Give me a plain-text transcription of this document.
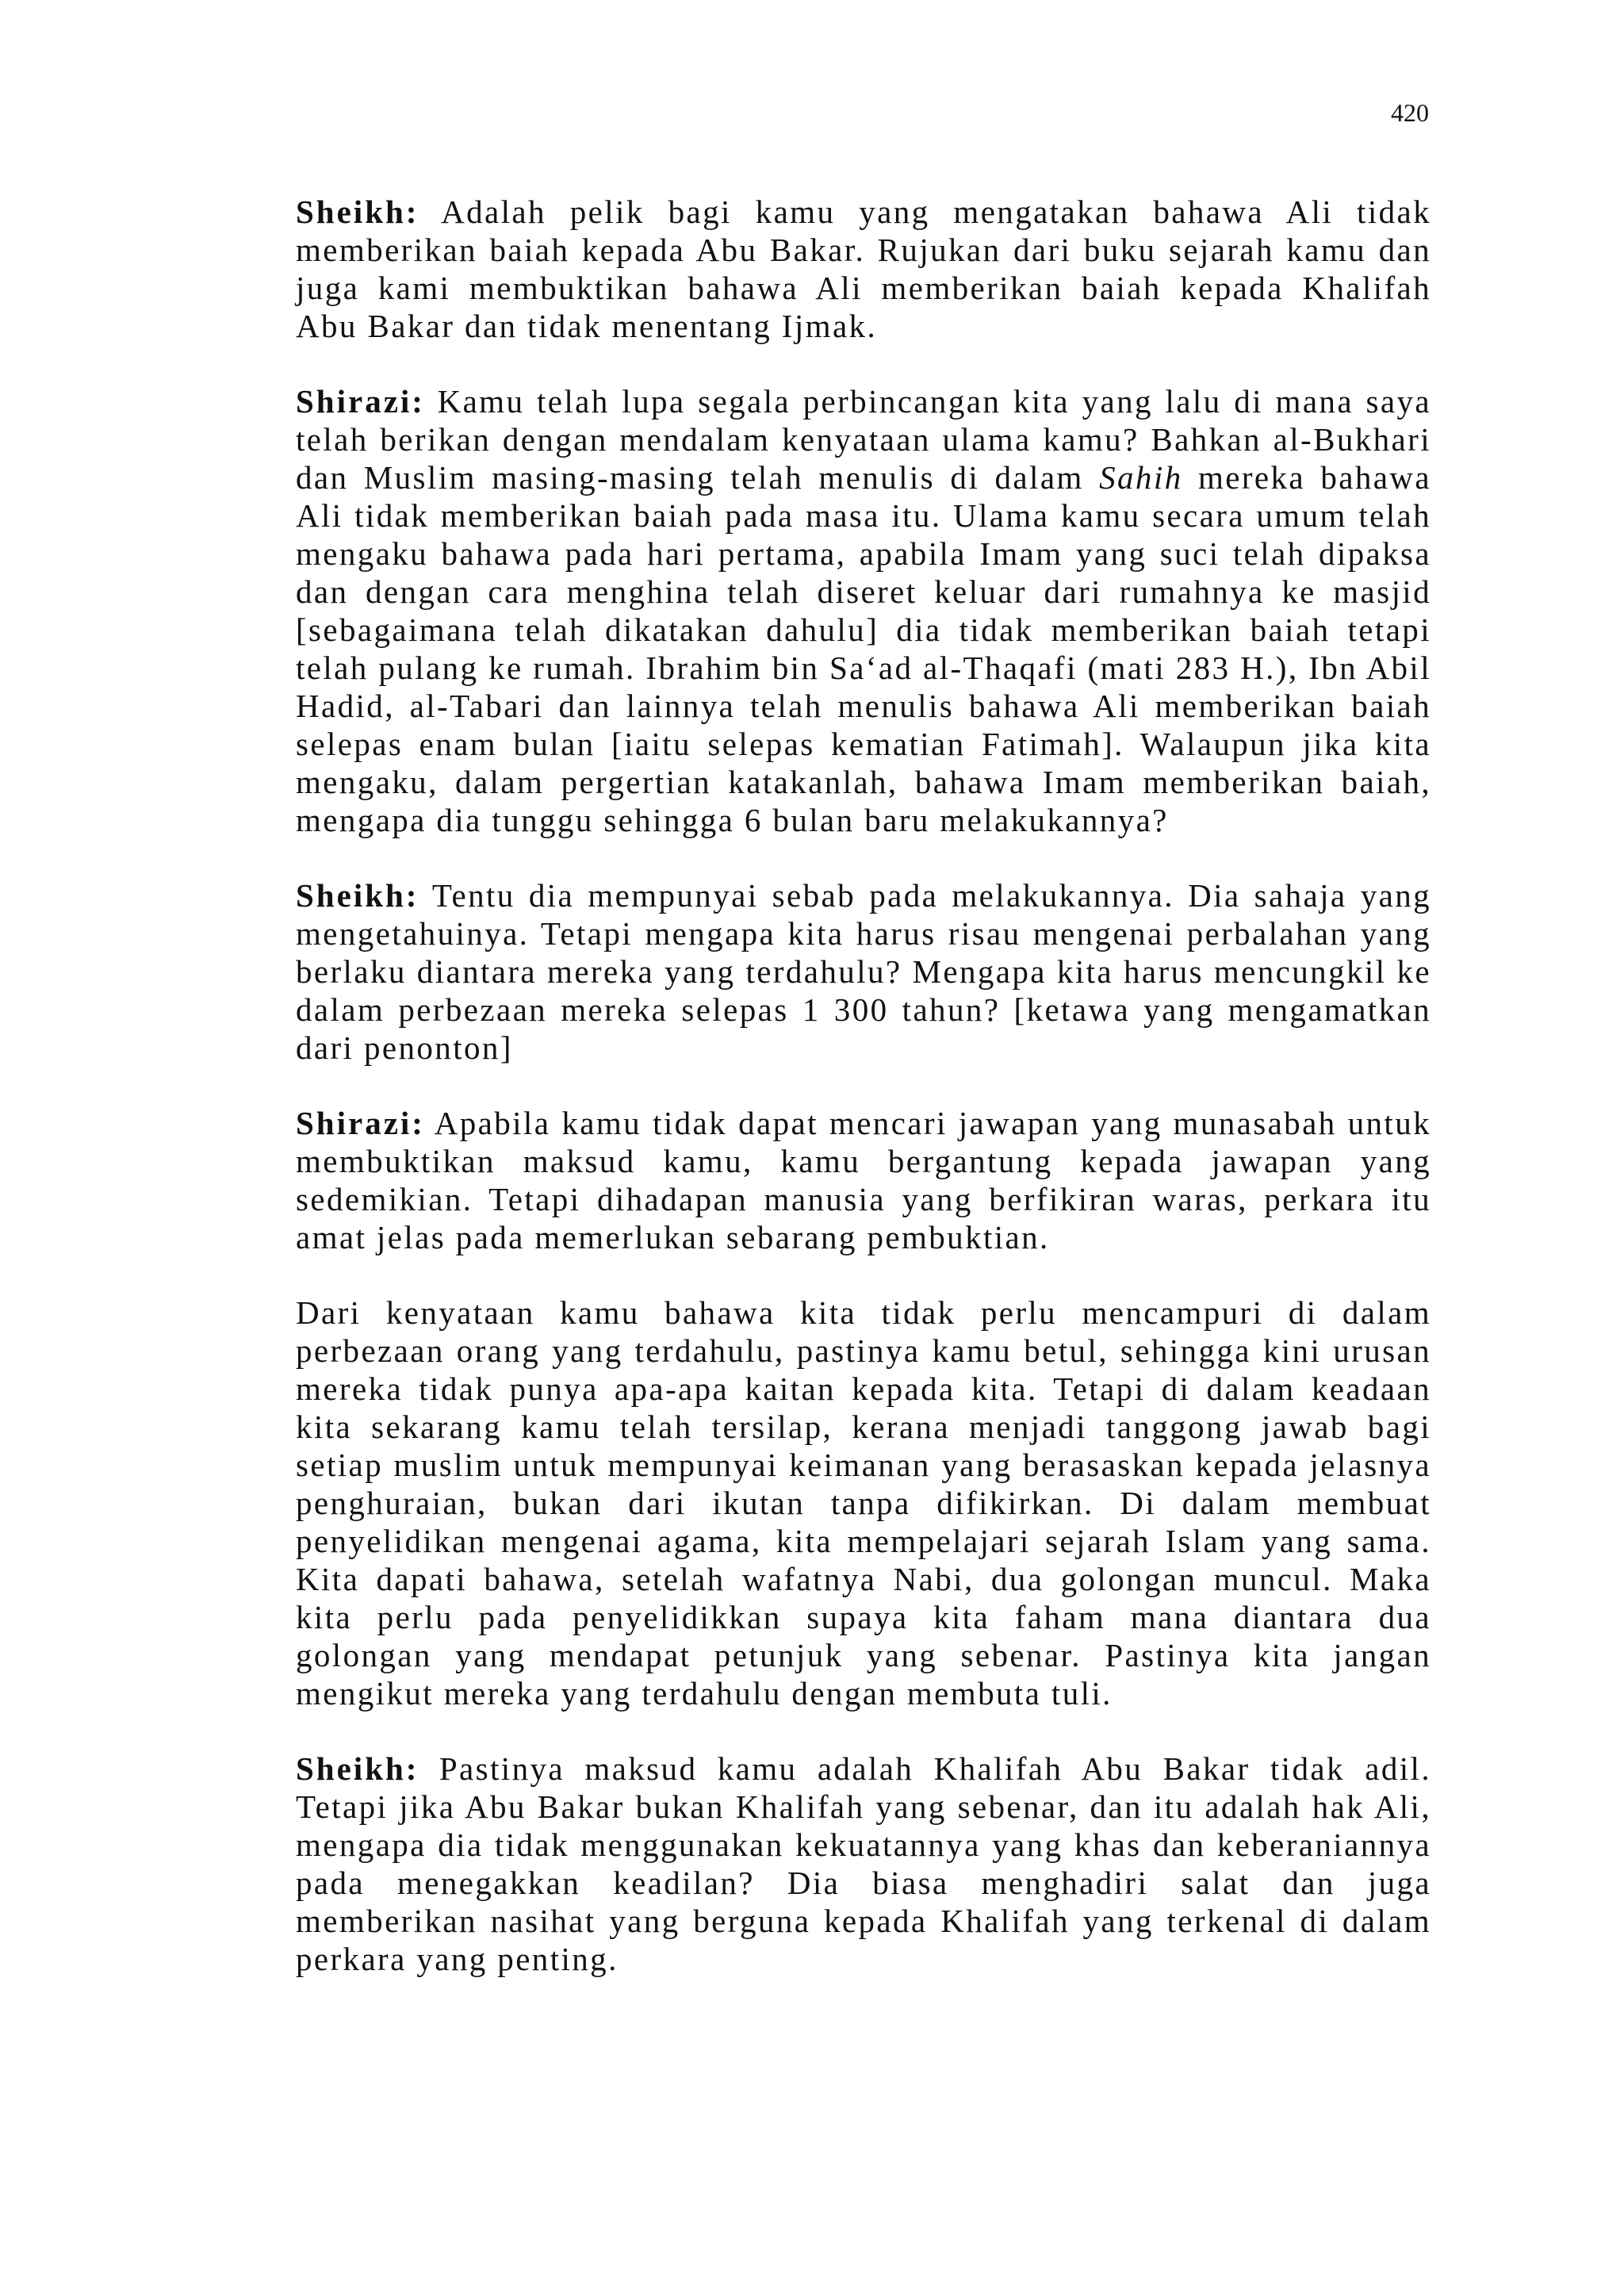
420

Sheikh: Adalah pelik bagi kamu yang mengatakan bahawa Ali tidak memberikan baiah kepada Abu Bakar. Rujukan dari buku sejarah kamu dan juga kami membuktikan bahawa Ali memberikan baiah kepada Khalifah Abu Bakar dan tidak menentang Ijmak.

Shirazi: Kamu telah lupa segala perbincangan kita yang lalu di mana saya telah berikan dengan mendalam kenyataan ulama kamu? Bahkan al-Bukhari dan Muslim masing-masing telah menulis di dalam Sahih mereka bahawa Ali tidak memberikan baiah pada masa itu. Ulama kamu secara umum telah mengaku bahawa pada hari pertama, apabila Imam yang suci telah dipaksa dan dengan cara menghina telah diseret keluar dari rumahnya ke masjid [sebagaimana telah dikatakan dahulu] dia tidak memberikan baiah tetapi telah pulang ke rumah. Ibrahim bin Sa‘ad al-Thaqafi (mati 283 H.), Ibn Abil Hadid, al-Tabari dan lainnya telah menulis bahawa Ali memberikan baiah selepas enam bulan [iaitu selepas kematian Fatimah]. Walaupun jika kita mengaku, dalam pergertian katakanlah, bahawa Imam memberikan baiah, mengapa dia tunggu sehingga 6 bulan baru melakukannya?

Sheikh: Tentu dia mempunyai sebab pada melakukannya. Dia sahaja yang mengetahuinya. Tetapi mengapa kita harus risau mengenai perbalahan yang berlaku diantara mereka yang terdahulu? Mengapa kita harus mencungkil ke dalam perbezaan mereka selepas 1 300 tahun? [ketawa yang mengamatkan dari penonton]

Shirazi: Apabila kamu tidak dapat mencari jawapan yang munasabah untuk membuktikan maksud kamu, kamu bergantung kepada jawapan yang sedemikian. Tetapi dihadapan manusia yang berfikiran waras, perkara itu amat jelas pada memerlukan sebarang pembuktian.

Dari kenyataan kamu bahawa kita tidak perlu mencampuri di dalam perbezaan orang yang terdahulu, pastinya kamu betul, sehingga kini urusan mereka tidak punya apa-apa kaitan kepada kita. Tetapi di dalam keadaan kita sekarang kamu telah tersilap, kerana menjadi tanggong jawab bagi setiap muslim untuk mempunyai keimanan yang berasaskan kepada jelasnya penghuraian, bukan dari ikutan tanpa difikirkan. Di dalam membuat penyelidikan mengenai agama, kita mempelajari sejarah Islam yang sama. Kita dapati bahawa, setelah wafatnya Nabi, dua golongan muncul. Maka kita perlu pada penyelidikkan supaya kita faham mana diantara dua golongan yang mendapat petunjuk yang sebenar. Pastinya kita jangan mengikut mereka yang terdahulu dengan membuta tuli.

Sheikh: Pastinya maksud kamu adalah Khalifah Abu Bakar tidak adil. Tetapi jika Abu Bakar bukan Khalifah yang sebenar, dan itu adalah hak Ali, mengapa dia tidak menggunakan kekuatannya yang khas dan keberaniannya pada menegakkan keadilan? Dia biasa menghadiri salat dan juga memberikan nasihat yang berguna kepada Khalifah yang terkenal di dalam perkara yang penting.
